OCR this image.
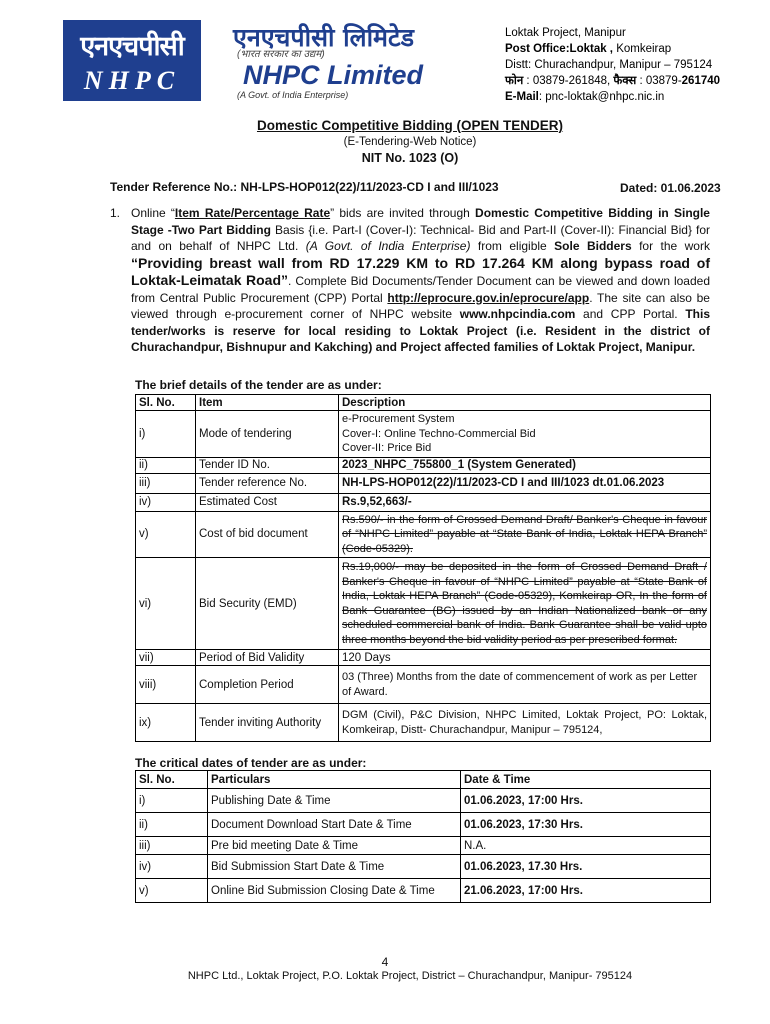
एनएचपीसी
NHPC
एनएचपीसी लिमिटेड
(भारत सरकार का उद्यम)
NHPC Limited
(A Govt. of India Enterprise)
Loktak Project, Manipur
Post Office:Loktak , Komkeirap
Distt: Churachandpur, Manipur – 795124
फोन : 03879-261848, फैक्स : 03879-261740
E-Mail: pnc-loktak@nhpc.nic.in
Domestic Competitive Bidding (OPEN TENDER)
(E-Tendering-Web Notice)
NIT No. 1023 (O)
Tender Reference No.: NH-LPS-HOP012(22)/11/2023-CD I and III/1023	Dated: 01.06.2023
1. Online “Item Rate/Percentage Rate” bids are invited through Domestic Competitive Bidding in Single Stage -Two Part Bidding Basis {i.e. Part-I (Cover-I): Technical- Bid and Part-II (Cover-II): Financial Bid} for and on behalf of NHPC Ltd. (A Govt. of India Enterprise) from eligible Sole Bidders for the work “Providing breast wall from RD 17.229 KM to RD 17.264 KM along bypass road of Loktak-Leimatak Road”. Complete Bid Documents/Tender Document can be viewed and down loaded from Central Public Procurement (CPP) Portal http://eprocure.gov.in/eprocure/app. The site can also be viewed through e-procurement corner of NHPC website www.nhpcindia.com and CPP Portal. This tender/works is reserve for local residing to Loktak Project (i.e. Resident in the district of Churachandpur, Bishnupur and Kakching) and Project affected families of Loktak Project, Manipur.
The brief details of the tender are as under:
Sl. No.	Item	Description
i)	Mode of tendering	e-Procurement System
Cover-I: Online Techno-Commercial Bid
Cover-II: Price Bid

ii)	Tender ID No.	2023_NHPC_755800_1 (System Generated)
iii)	Tender reference No.	NH-LPS-HOP012(22)/11/2023-CD I and III/1023 dt.01.06.2023
iv)	Estimated Cost	Rs.9,52,663/-
v)	Cost of bid document	Rs.590/- in the form of Crossed Demand Draft/ Banker's Cheque in favour of “NHPC Limited” payable at “State Bank of India, Loktak HEPA Branch” (Code-05329).
vi)	Bid Security (EMD)	Rs.19,000/- may be deposited in the form of Crossed Demand Draft / Banker's Cheque in favour of “NHPC Limited” payable at “State Bank of India, Loktak HEPA Branch” (Code-05329), Komkeirap OR, In the form of Bank Guarantee (BG) issued by an Indian Nationalized bank or any scheduled commercial bank of India. Bank Guarantee shall be valid upto three months beyond the bid validity period as per prescribed format.
vii)	Period of Bid Validity	120 Days
viii)	Completion Period	03 (Three) Months from the date of commencement of work as per Letter of Award.
ix)	Tender inviting Authority	DGM (Civil), P&C Division, NHPC Limited, Loktak Project, PO: Loktak, Komkeirap, Distt- Churachandpur, Manipur – 795124,
The critical dates of tender are as under:
Sl. No.	Particulars	Date & Time
i)	Publishing Date & Time	01.06.2023, 17:00 Hrs.
ii)	Document Download Start Date & Time	01.06.2023, 17:30 Hrs.
iii)	Pre bid meeting Date & Time	N.A.
iv)	Bid Submission Start Date & Time	01.06.2023, 17.30 Hrs.
v)	Online Bid Submission Closing Date & Time	21.06.2023, 17:00 Hrs.
4
NHPC Ltd., Loktak Project, P.O. Loktak Project, District – Churachandpur, Manipur- 795124
